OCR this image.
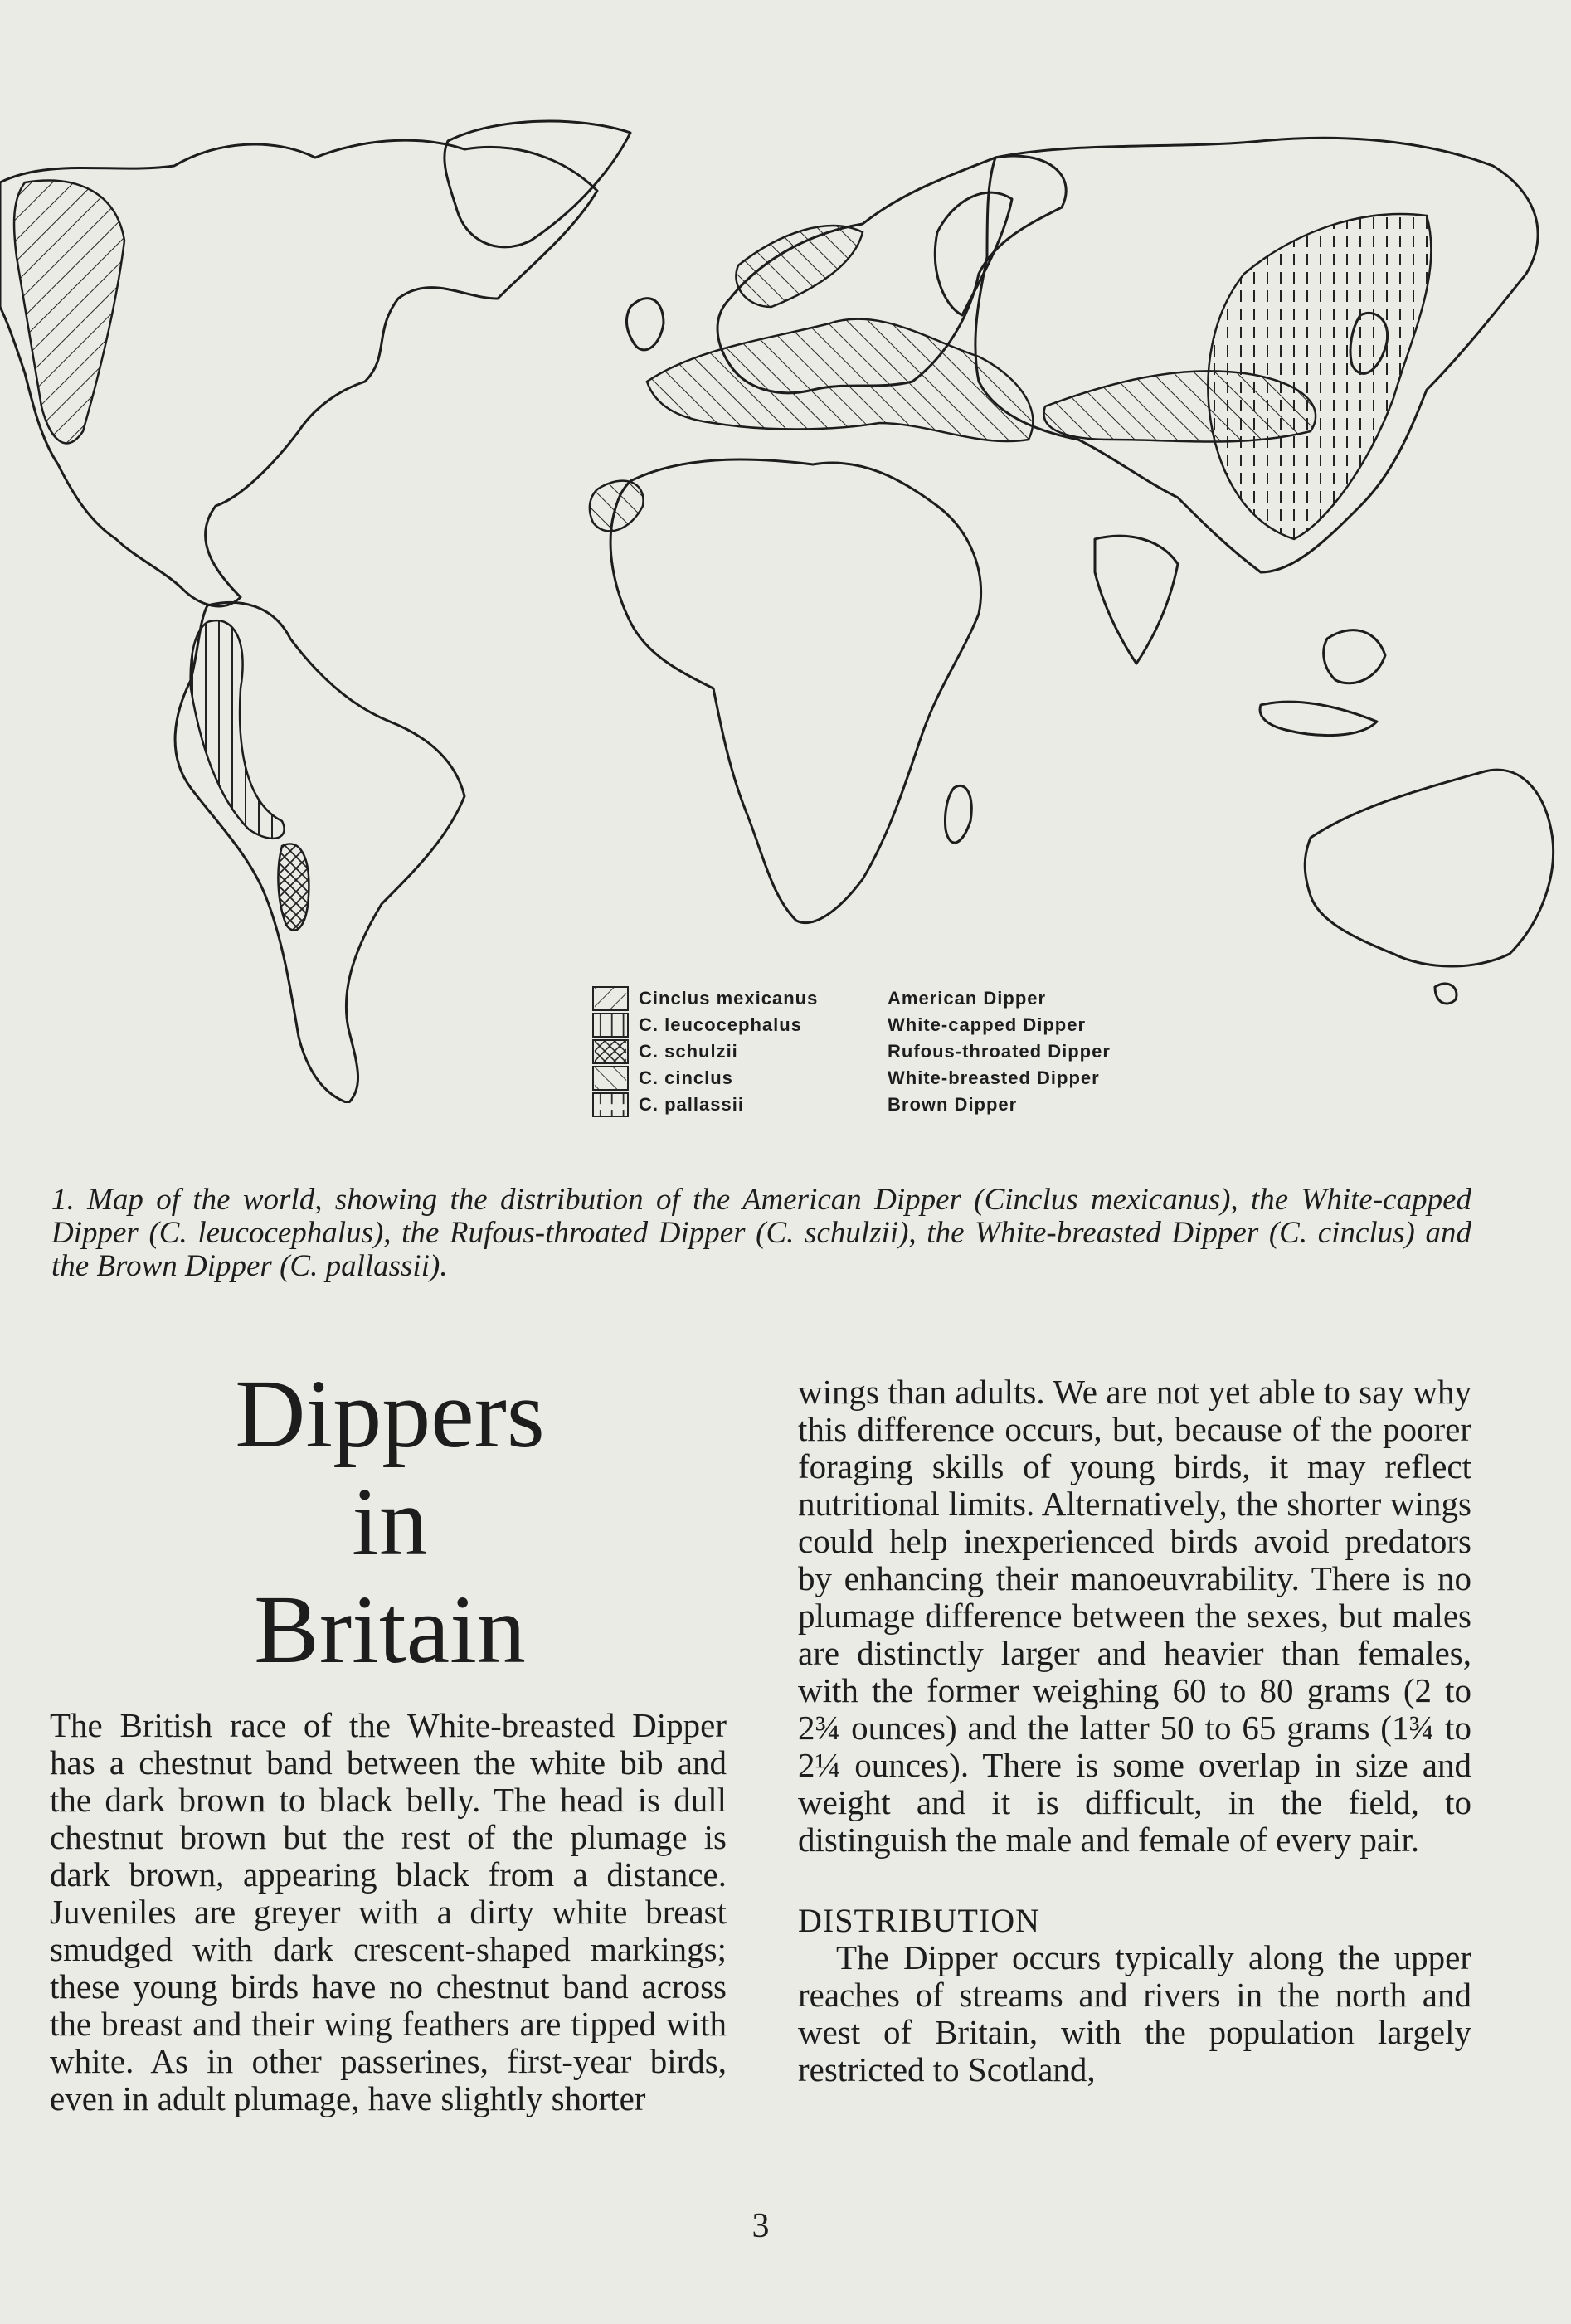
Cinclus mexicanus	American Dipper
C. leucocephalus	White-capped Dipper
C. schulzii	Rufous-throated Dipper
C. cinclus	White-breasted Dipper
C. pallassii	Brown Dipper

1. Map of the world, showing the distribution of the American Dipper (Cinclus mexicanus), the White-capped Dipper (C. leucocephalus), the Rufous-throated Dipper (C. schulzii), the White-breasted Dipper (C. cinclus) and the Brown Dipper (C. pallassii).

Dippers
in
Britain

The British race of the White-breasted Dipper has a chestnut band between the white bib and the dark brown to black belly. The head is dull chestnut brown but the rest of the plumage is dark brown, appearing black from a distance. Juveniles are greyer with a dirty white breast smudged with dark crescent-shaped markings; these young birds have no chestnut band across the breast and their wing feathers are tipped with white. As in other passerines, first-year birds, even in adult plumage, have slightly shorter

wings than adults. We are not yet able to say why this difference occurs, but, because of the poorer foraging skills of young birds, it may reflect nutritional limits. Alternatively, the shorter wings could help inexperienced birds avoid predators by enhancing their manoeuvrability. There is no plumage difference between the sexes, but males are distinctly larger and heavier than females, with the former weighing 60 to 80 grams (2 to 2¾ ounces) and the latter 50 to 65 grams (1¾ to 2¼ ounces). There is some overlap in size and weight and it is difficult, in the field, to distinguish the male and female of every pair.

DISTRIBUTION

The Dipper occurs typically along the upper reaches of streams and rivers in the north and west of Britain, with the population largely restricted to Scotland,

3
